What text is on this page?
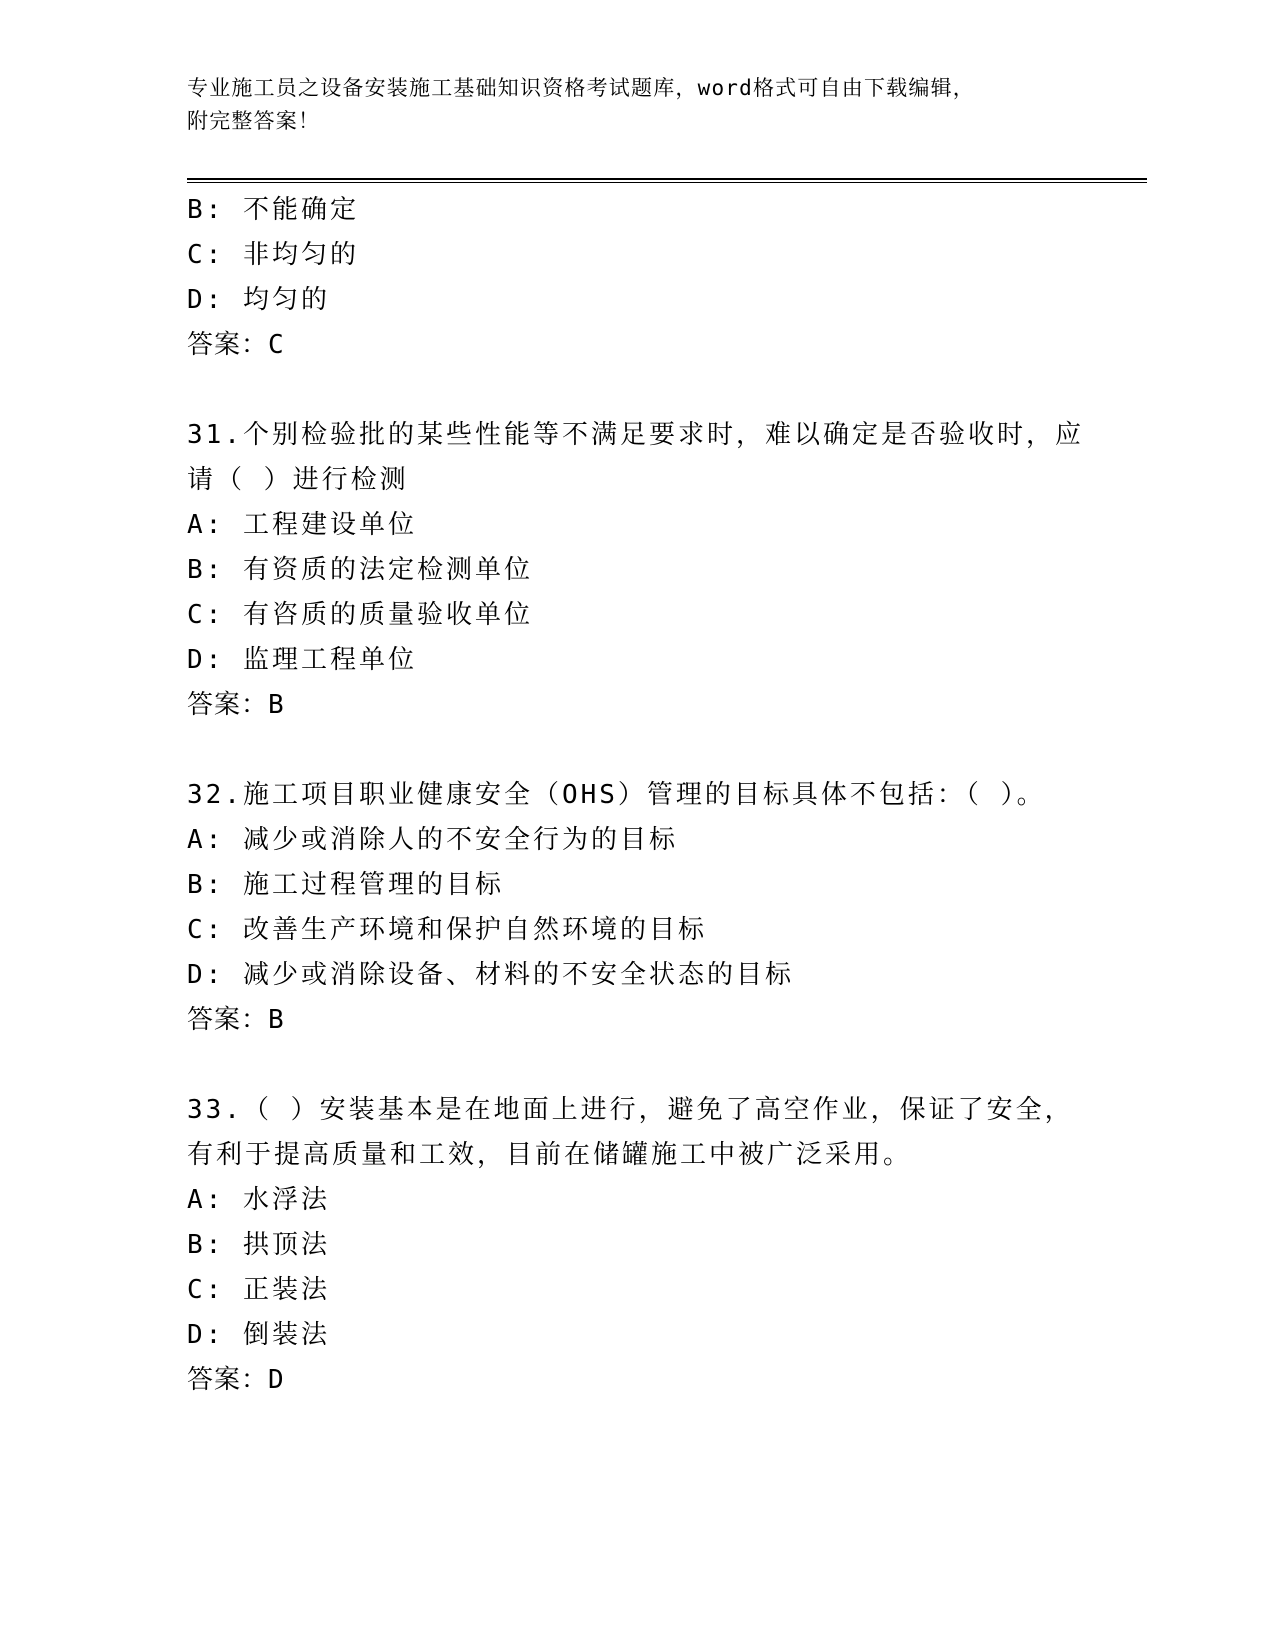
专业施工员之设备安装施工基础知识资格考试题库，word格式可自由下载编辑，
附完整答案！
B: 不能确定
C: 非均匀的
D: 均匀的
答案：C
31.个别检验批的某些性能等不满足要求时，难以确定是否验收时，应
请（ ）进行检测
A: 工程建设单位
B: 有资质的法定检测单位
C: 有咨质的质量验收单位
D: 监理工程单位
答案：B
32.施工项目职业健康安全（OHS）管理的目标具体不包括：（ ）。
A: 减少或消除人的不安全行为的目标
B: 施工过程管理的目标
C: 改善生产环境和保护自然环境的目标
D: 减少或消除设备、材料的不安全状态的目标
答案：B
33.（ ）安装基本是在地面上进行，避免了高空作业，保证了安全，
有利于提高质量和工效，目前在储罐施工中被广泛采用。
A: 水浮法
B: 拱顶法
C: 正装法
D: 倒装法
答案：D
